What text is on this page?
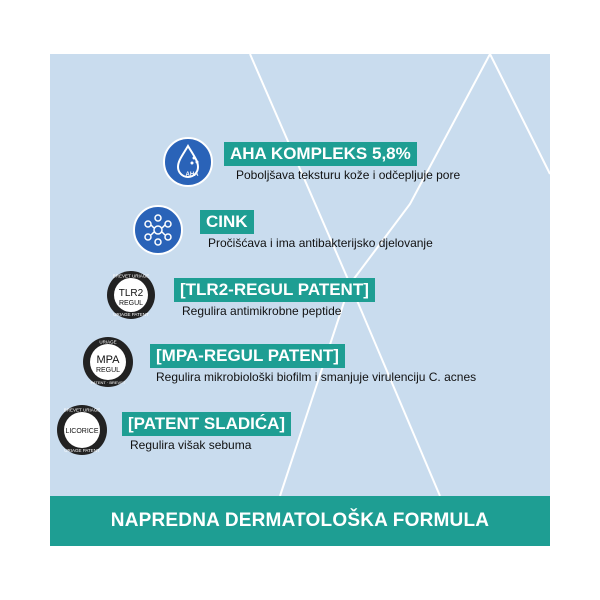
AHA
AHA KOMPLEKS 5,8%
Poboljšava teksturu kože i odčepljuje pore
CINK
Pročišćava i ima antibakterijsko djelovanje
BREVET URIAGE
URIAGE PATENT
TLR2
REGUL
[TLR2-REGUL PATENT]
Regulira antimikrobne peptide
URIAGE
PATENT · BREVET
MPA
REGUL
[MPA-REGUL PATENT]
Regulira mikrobiološki biofilm i smanjuje virulenciju C. acnes
BREVET URIAGE
URIAGE PATENT
LICORICE	[PATENT SLADIĆA]
Regulira višak sebuma
NAPREDNA DERMATOLOŠKA FORMULA
